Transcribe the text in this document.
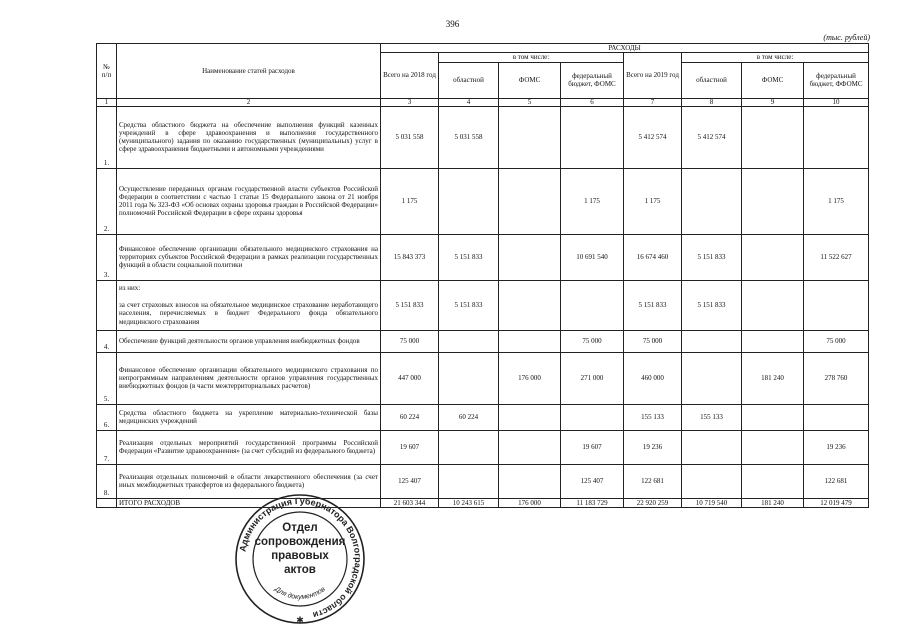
396
(тыс. рублей)
№
п/п	Наименование статей расходов	РАСХОДЫ							
		Всего на 2018 год	в том числе:			Всего на 2019 год	в том числе:		
			областной	ФОМС	федеральный бюджет, ФОМС		областной	ФОМС	федеральный бюджет, ФФОМС
1	2	3	4	5	6	7	8	9	10
1.	Средства областного бюджета на обеспечение выполнения функций казенных учреждений в сфере здравоохранения и выполнения государственного (муниципального) задания по оказанию государственных (муниципальных) услуг в сфере здравоохранения бюджетными и автономными учреждениями	5 031 558	5 031 558			5 412 574	5 412 574		
2.	Осуществление переданных органам государственной власти субъектов Российской Федерации в соответствии с частью 1 статьи 15 Федерального закона от 21 ноября 2011 года № 323-ФЗ «Об основах охраны здоровья граждан в Российской Федерации» полномочий Российской Федерации в сфере охраны здоровья	1 175			1 175	1 175			1 175
3.	Финансовое обеспечение организации обязательного медицинского страхования на территориях субъектов Российской Федерации в рамках реализации государственных функций в области социальной политики	15 843 373	5 151 833		10 691 540	16 674 460	5 151 833		11 522 627
	из них:

за счет страховых взносов на обязательное медицинское страхование неработающего населения, перечисляемых в бюджет Федерального фонда обязательного медицинского страхования	5 151 833	5 151 833			5 151 833	5 151 833		
4.	Обеспечение функций деятельности органов управления внебюджетных фондов	75 000			75 000	75 000			75 000
5.	Финансовое обеспечение организации обязательного медицинского страхования по непрограммным направлениям деятельности органов управления государственных внебюджетных фондов (в части межтерриториальных расчетов)	447 000		176 000	271 000	460 000		181 240	278 760
6.	Средства областного бюджета на укрепление материально-технической базы медицинских учреждений	60 224	60 224			155 133	155 133		
7.	Реализация отдельных мероприятий государственной программы Российской Федерации «Развитие здравоохранения» (за счет субсидий из федерального бюджета)	19 607			19 607	19 236			19 236
8.	Реализация отдельных полномочий в области лекарственного обеспечения (за счет иных межбюджетных трансфертов из федерального бюджета)	125 407			125 407	122 681			122 681
	ИТОГО РАСХОДОВ	21 603 344	10 243 615	176 000	11 183 729	22 920 259	10 719 540	181 240	12 019 479
Администрация Губернатора Волгоградской области
Для документов
✱
Отдел
сопровождения
правовых
актов
